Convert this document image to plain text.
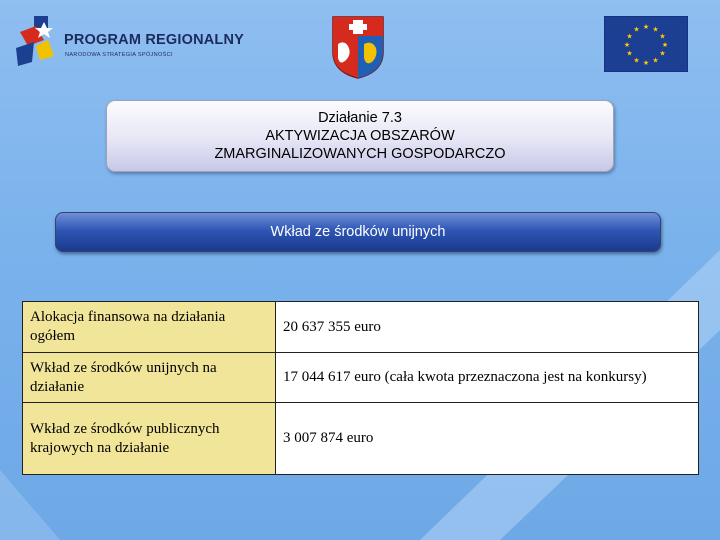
PROGRAM REGIONALNY
NARODOWA STRATEGIA SPÓJNOŚCI
★ ★
★
★
★
★
★
★
★
★
★
★
Działanie 7.3
AKTYWIZACJA OBSZARÓW
ZMARGINALIZOWANYCH GOSPODARCZO
Wkład ze środków unijnych
Alokacja finansowa na działania ogółem	20 637 355 euro
Wkład ze środków unijnych na działanie	17 044 617 euro (cała kwota przeznaczona jest na konkursy)
Wkład ze środków publicznych krajowych na działanie	3 007 874 euro
